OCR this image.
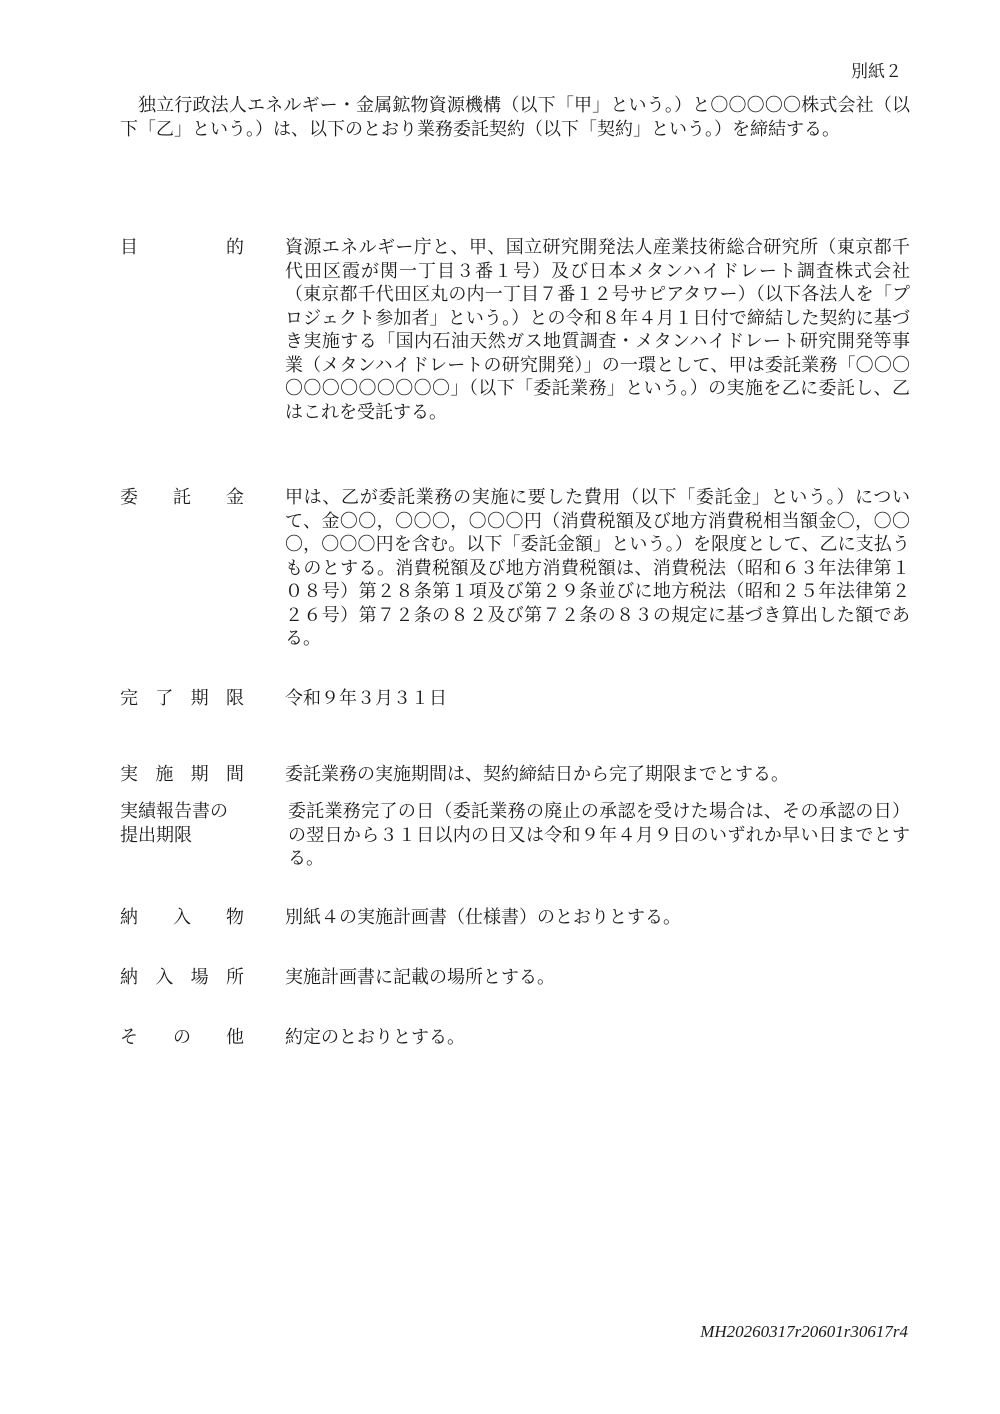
別紙２
独立行政法人エネルギー・金属鉱物資源機構（以下「甲」という。）と〇〇〇〇〇株式会社（以下「乙」という。）は、以下のとおり業務委託契約（以下「契約」という。）を締結する。
目	的 資源エネルギー庁と、甲、国立研究開発法人産業技術総合研究所（東京都千代田区霞が関一丁目３番１号）及び日本メタンハイドレート調査株式会社（東京都千代田区丸の内一丁目７番１２号サピアタワー）（以下各法人を「プロジェクト参加者」という。）との令和８年４月１日付で締結した契約に基づき実施する「国内石油天然ガス地質調査・メタンハイドレート研究開発等事業（メタンハイドレートの研究開発）」の一環として、甲は委託業務「〇〇〇〇〇〇〇〇〇〇〇〇」（以下「委託業務」という。）の実施を乙に委託し、乙はこれを受託する。
委 託 金 甲は、乙が委託業務の実施に要した費用（以下「委託金」という。）について、金〇〇，〇〇〇，〇〇〇円（消費税額及び地方消費税相当額金〇，〇〇〇，〇〇〇円を含む。以下「委託金額」という。）を限度として、乙に支払うものとする。消費税額及び地方消費税額は、消費税法（昭和６３年法律第１０８号）第２８条第１項及び第２９条並びに地方税法（昭和２５年法律第２２６号）第７２条の８２及び第７２条の８３の規定に基づき算出した額である。
完 了 期 限 令和９年３月３１日
実 施 期 間 委託業務の実施期間は、契約締結日から完了期限までとする。
実績報告書の
提出期限
委託業務完了の日（委託業務の廃止の承認を受けた場合は、その承認の日）の翌日から３１日以内の日又は令和９年４月９日のいずれか早い日までとする。
納 入 物 別紙４の実施計画書（仕様書）のとおりとする。
納 入 場 所 実施計画書に記載の場所とする。
そ の 他 約定のとおりとする。
MH20260317r20601r30617r4
